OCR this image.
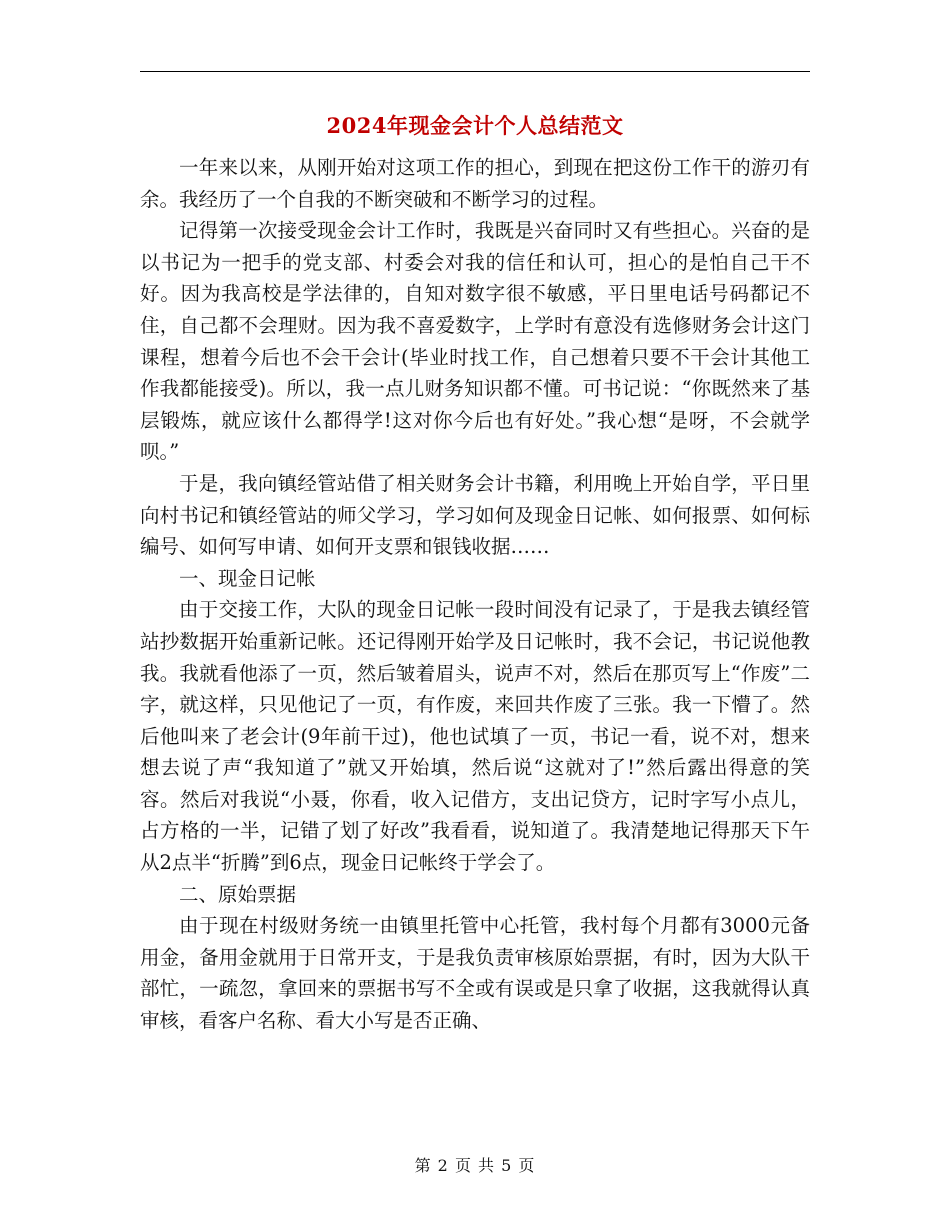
2024年现金会计个人总结范文

一年来以来，从刚开始对这项工作的担心，到现在把这份工作干的游刃有余。我经历了一个自我的不断突破和不断学习的过程。

记得第一次接受现金会计工作时，我既是兴奋同时又有些担心。兴奋的是以书记为一把手的党支部、村委会对我的信任和认可，担心的是怕自己干不好。因为我高校是学法律的，自知对数字很不敏感，平日里电话号码都记不住，自己都不会理财。因为我不喜爱数字，上学时有意没有选修财务会计这门课程，想着今后也不会干会计(毕业时找工作，自己想着只要不干会计其他工作我都能接受)。所以，我一点儿财务知识都不懂。可书记说：“你既然来了基层锻炼，就应该什么都得学!这对你今后也有好处。”我心想“是呀，不会就学呗。”

于是，我向镇经管站借了相关财务会计书籍，利用晚上开始自学，平日里向村书记和镇经管站的师父学习，学习如何及现金日记帐、如何报票、如何标编号、如何写申请、如何开支票和银钱收据……

一、现金日记帐

由于交接工作，大队的现金日记帐一段时间没有记录了，于是我去镇经管站抄数据开始重新记帐。还记得刚开始学及日记帐时，我不会记，书记说他教我。我就看他添了一页，然后皱着眉头，说声不对，然后在那页写上“作废”二字，就这样，只见他记了一页，有作废，来回共作废了三张。我一下懵了。然后他叫来了老会计(9年前干过)，他也试填了一页，书记一看，说不对，想来想去说了声“我知道了”就又开始填，然后说“这就对了!”然后露出得意的笑容。然后对我说“小聂，你看，收入记借方，支出记贷方，记时字写小点儿，占方格的一半，记错了划了好改”我看看，说知道了。我清楚地记得那天下午从2点半“折腾”到6点，现金日记帐终于学会了。

二、原始票据

由于现在村级财务统一由镇里托管中心托管，我村每个月都有3000元备用金，备用金就用于日常开支，于是我负责审核原始票据，有时，因为大队干部忙，一疏忽，拿回来的票据书写不全或有误或是只拿了收据，这我就得认真审核，看客户名称、看大小写是否正确、

第 2 页 共 5 页
